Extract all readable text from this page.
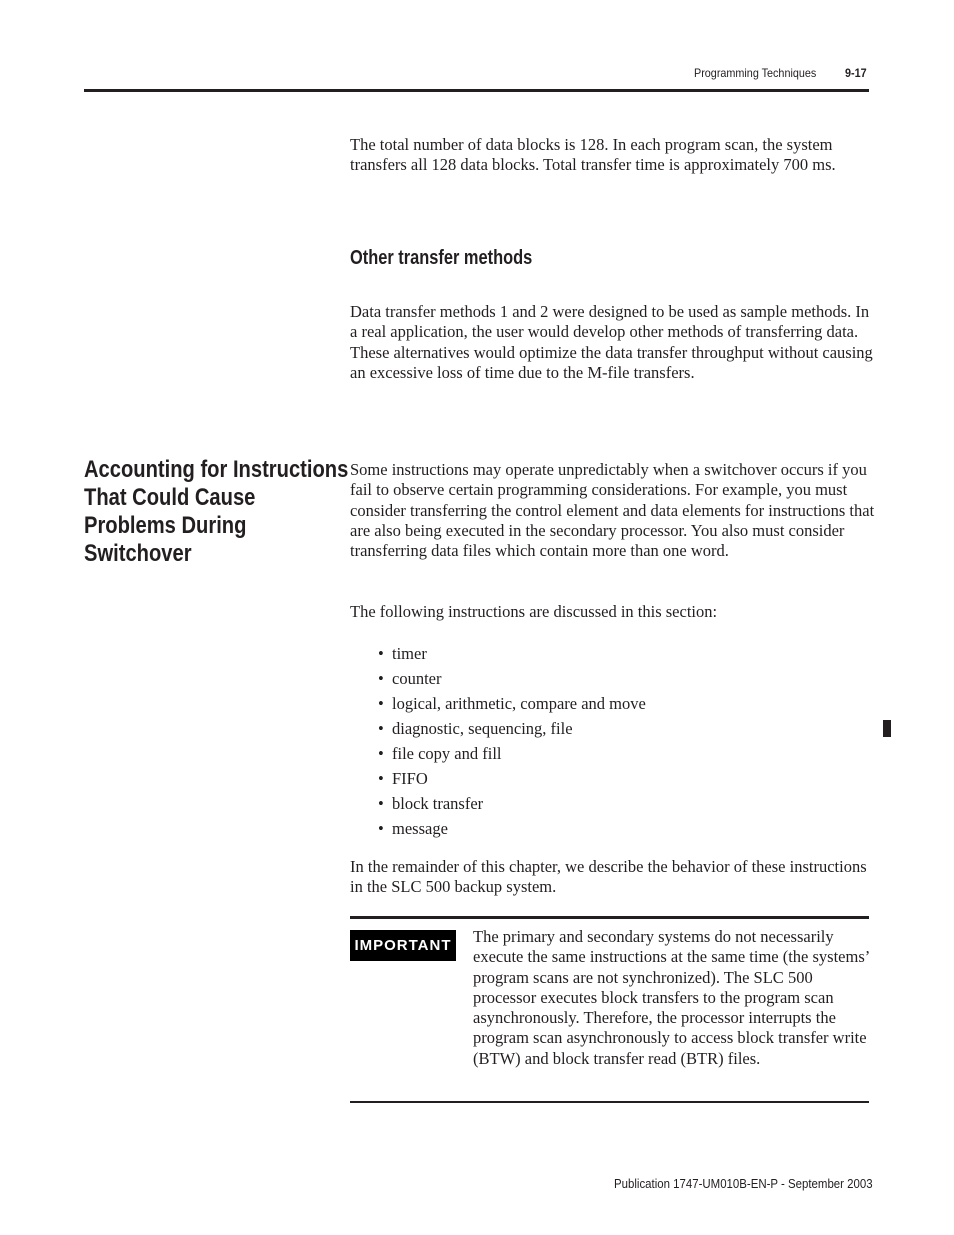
Programming Techniques 9-17

The total number of data blocks is 128. In each program scan, the system transfers all 128 data blocks. Total transfer time is approximately 700 ms.

Other transfer methods

Data transfer methods 1 and 2 were designed to be used as sample methods. In a real application, the user would develop other methods of transferring data. These alternatives would optimize the data transfer throughput without causing an excessive loss of time due to the M-file transfers.

Accounting for Instructions That Could Cause Problems During Switchover

Some instructions may operate unpredictably when a switchover occurs if you fail to observe certain programming considerations. For example, you must consider transferring the control element and data elements for instructions that are also being executed in the secondary processor. You also must consider transferring data files which contain more than one word.

The following instructions are discussed in this section:

• timer
• counter
• logical, arithmetic, compare and move
• diagnostic, sequencing, file
• file copy and fill
• FIFO
• block transfer
• message

In the remainder of this chapter, we describe the behavior of these instructions in the SLC 500 backup system.

IMPORTANT The primary and secondary systems do not necessarily execute the same instructions at the same time (the systems’ program scans are not synchronized). The SLC 500 processor executes block transfers to the program scan asynchronously. Therefore, the processor interrupts the program scan asynchronously to access block transfer write (BTW) and block transfer read (BTR) files.

Publication 1747-UM010B-EN-P - September 2003
